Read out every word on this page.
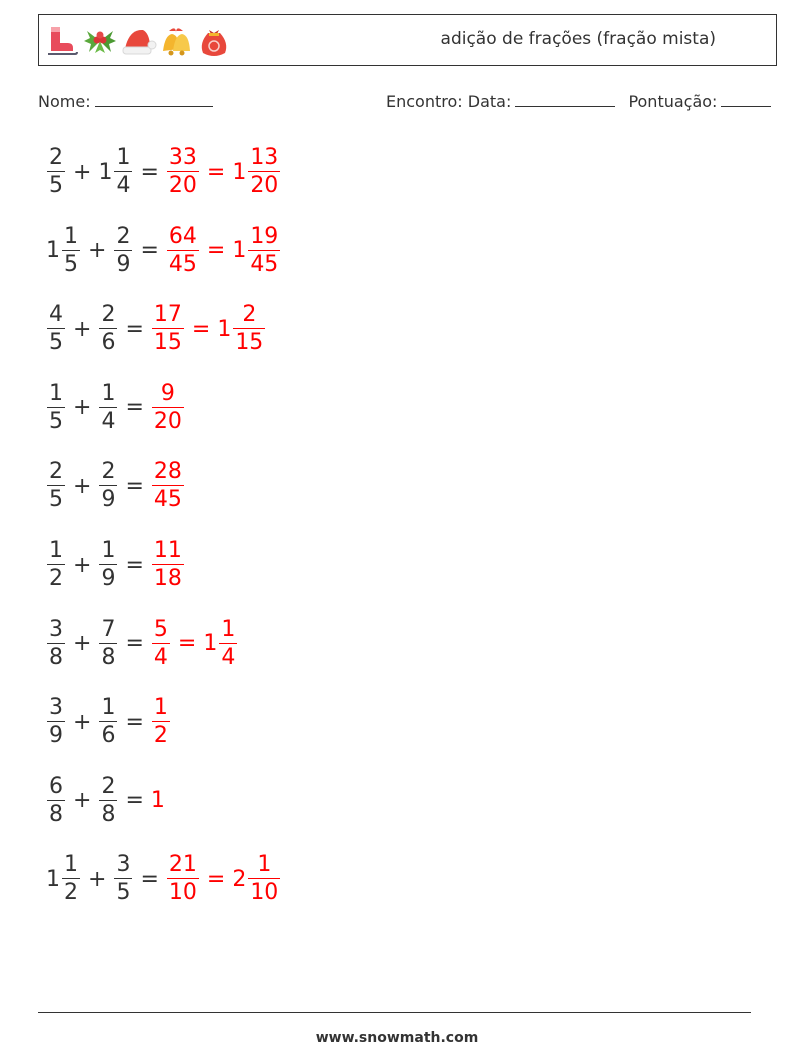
adição de frações (fração mista)
Nome:	Encontro: Data:	Pontuação:
$\frac{2}{5} + 1 \frac{1}{4} = \frac{33}{20} = 1 \frac{13}{20}$
$1 \frac{1}{5} + \frac{2}{9} = \frac{64}{45} = 1 \frac{19}{45}$
$\frac{4}{5} + \frac{2}{6} = \frac{17}{15} = 1 \frac{2}{15}$
$\frac{1}{5} + \frac{1}{4} = \frac{9}{20}$
$\frac{2}{5} + \frac{2}{9} = \frac{28}{45}$
$\frac{1}{2} + \frac{1}{9} = \frac{11}{18}$
$\frac{3}{8} + \frac{7}{8} = \frac{5}{4} = 1 \frac{1}{4}$
$\frac{3}{9} + \frac{1}{6} = \frac{1}{2}$
$\frac{6}{8} + \frac{2}{8} = 1$
$1 \frac{1}{2} + \frac{3}{5} = \frac{21}{10} = 2 \frac{1}{10}$
www.snowmath.com
